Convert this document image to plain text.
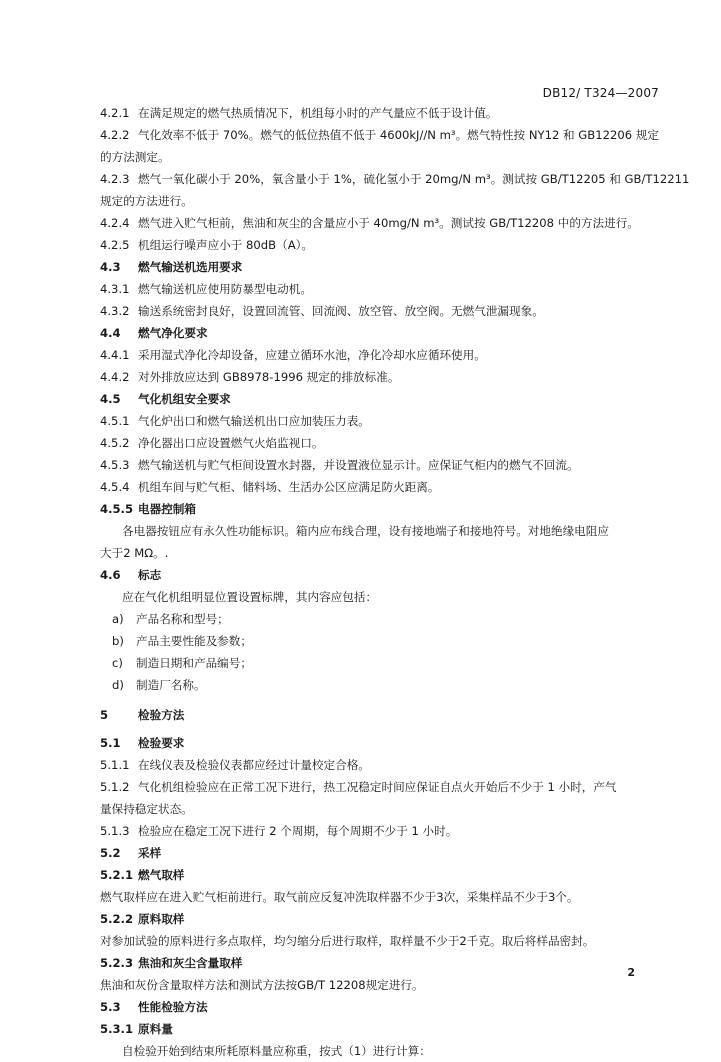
DB12/ T324—2007
4.2.1 在满足规定的燃气热质情况下，机组每小时的产气量应不低于设计值。
4.2.2 气化效率不低于 70%。燃气的低位热值不低于 4600kJ//N m³。燃气特性按 NY12 和 GB12206 规定
的方法测定。
4.2.3 燃气一氧化碳小于 20%，氧含量小于 1%，硫化氢小于 20mg/N m³。测试按 GB/T12205 和 GB/T12211
规定的方法进行。
4.2.4 燃气进入贮气柜前，焦油和灰尘的含量应小于 40mg/N m³。测试按 GB/T12208 中的方法进行。
4.2.5 机组运行噪声应小于 80dB（A）。
4.3 燃气输送机选用要求
4.3.1 燃气输送机应使用防暴型电动机。
4.3.2 输送系统密封良好，设置回流管、回流阀、放空管、放空阀。无燃气泄漏现象。
4.4 燃气净化要求
4.4.1 采用湿式净化冷却设备，应建立循环水池，净化冷却水应循环使用。
4.4.2 对外排放应达到 GB8978-1996 规定的排放标准。
4.5 气化机组安全要求
4.5.1 气化炉出口和燃气输送机出口应加装压力表。
4.5.2 净化器出口应设置燃气火焰监视口。
4.5.3 燃气输送机与贮气柜间设置水封器，并设置液位显示计。应保证气柜内的燃气不回流。
4.5.4 机组车间与贮气柜、储料场、生活办公区应满足防火距离。
4.5.5 电器控制箱
各电器按钮应有永久性功能标识。箱内应布线合理，设有接地端子和接地符号。对地绝缘电阻应
大于2 MΩ。.
4.6 标志
应在气化机组明显位置设置标牌，其内容应包括：
a) 产品名称和型号；
b) 产品主要性能及参数；
c) 制造日期和产品编号；
d) 制造厂名称。
5	检验方法
5.1 检验要求
5.1.1 在线仪表及检验仪表都应经过计量校定合格。
5.1.2 气化机组检验应在正常工况下进行，热工况稳定时间应保证自点火开始后不少于 1 小时，产气
量保持稳定状态。
5.1.3 检验应在稳定工况下进行 2 个周期，每个周期不少于 1 小时。
5.2 采样
5.2.1 燃气取样
燃气取样应在进入贮气柜前进行。取气前应反复冲洗取样器不少于3次，采集样品不少于3个。
5.2.2 原料取样
对参加试验的原料进行多点取样，均匀缩分后进行取样，取样量不少于2千克。取后将样品密封。
5.2.3 焦油和灰尘含量取样
焦油和灰份含量取样方法和测试方法按GB/T 12208规定进行。
5.3 性能检验方法
5.3.1 原料量
自检验开始到结束所耗原料量应称重，按式（1）进行计算：
2
